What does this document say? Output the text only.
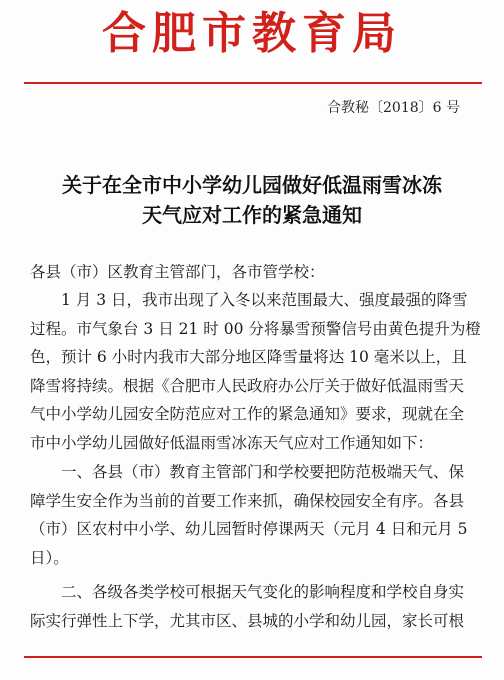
合肥市教育局
合教秘〔2018〕6 号
关于在全市中小学幼儿园做好低温雨雪冰冻
天气应对工作的紧急通知
各县（市）区教育主管部门，各市管学校：
1 月 3 日，我市出现了入冬以来范围最大、强度最强的降雪
过程。市气象台 3 日 21 时 00 分将暴雪预警信号由黄色提升为橙
色，预计 6 小时内我市大部分地区降雪量将达 10 毫米以上，且
降雪将持续。根据《合肥市人民政府办公厅关于做好低温雨雪天
气中小学幼儿园安全防范应对工作的紧急通知》要求，现就在全
市中小学幼儿园做好低温雨雪冰冻天气应对工作通知如下：
一、各县（市）教育主管部门和学校要把防范极端天气、保
障学生安全作为当前的首要工作来抓，确保校园安全有序。各县
（市）区农村中小学、幼儿园暂时停课两天（元月 4 日和元月 5
日）。
二、各级各类学校可根据天气变化的影响程度和学校自身实
际实行弹性上下学，尤其市区、县城的小学和幼儿园，家长可根
